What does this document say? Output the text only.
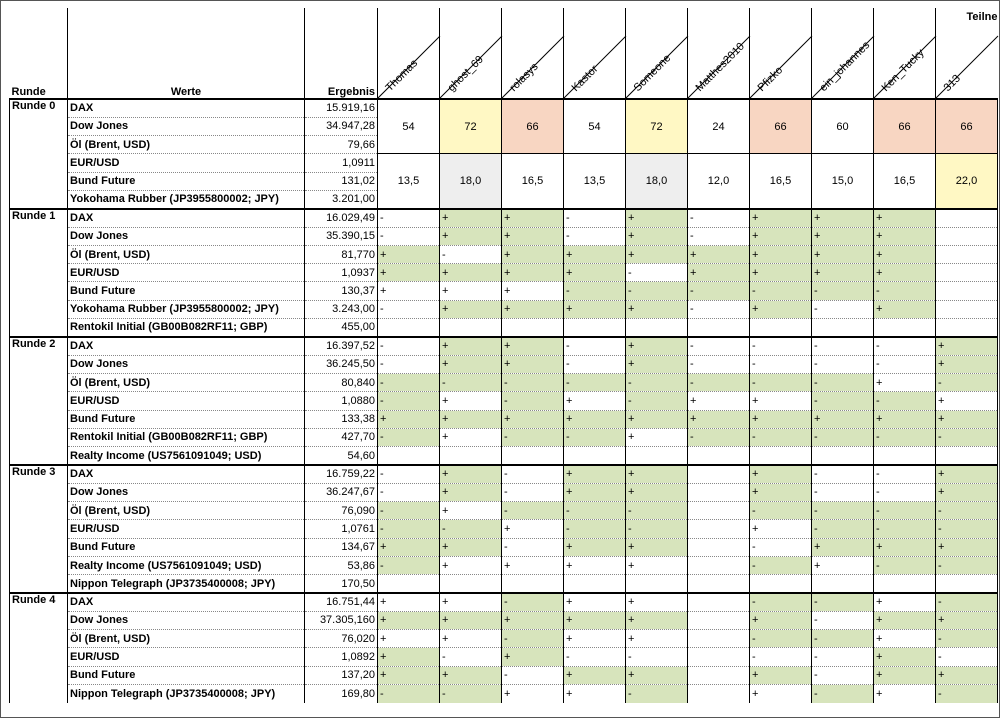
Runde	Werte	Ergebnis	Thomas	ghost_69	rolasys	Kastor	Someone	Matthes2010	Pfizko	ein_johannes	Ken_Tucky	313
Teilne

Runde 0	DAX	15.919,16	54	72	66	54	72	24	66	60	66	66
	Dow Jones	34.947,28										
	Öl (Brent, USD)	79,66										
	EUR/USD	1,0911	13,5	18,0	16,5	13,5	18,0	12,0	16,5	15,0	16,5	22,0
	Bund Future	131,02										
	Yokohama Rubber (JP3955800002; JPY)	3.201,00										
Runde 1	DAX	16.029,49	-	+	+	-	+	-	+	+	+	
	Dow Jones	35.390,15	-	+	+	-	+	-	+	+	+	
	Öl (Brent, USD)	81,770	+	-	+	+	+	+	+	+	+	
	EUR/USD	1,0937	+	+	+	+	-	+	+	+	+	
	Bund Future	130,37	+	+	+	-	-	-	-	-	-	
	Yokohama Rubber (JP3955800002; JPY)	3.243,00	-	+	+	+	+	-	+	-	+	
	Rentokil Initial (GB00B082RF11; GBP)	455,00										
Runde 2	DAX	16.397,52	-	+	+	-	+	-	-	-	-	+
	Dow Jones	36.245,50	-	+	+	-	+	-	-	-	-	+
	Öl (Brent, USD)	80,840	-	-	-	-	-	-	-	-	+	-
	EUR/USD	1,0880	-	+	-	+	-	+	+	-	-	+
	Bund Future	133,38	+	+	+	+	+	+	+	+	+	+
	Rentokil Initial (GB00B082RF11; GBP)	427,70	-	+	-	-	+	-	-	-	-	-
	Realty Income (US7561091049; USD)	54,60										
Runde 3	DAX	16.759,22	-	+	-	+	+		+	-	-	+
	Dow Jones	36.247,67	-	+	-	+	+		+	-	-	+
	Öl (Brent, USD)	76,090	-	+	-	-	-		-	-	-	-
	EUR/USD	1,0761	-	-	+	-	-		+	-	-	-
	Bund Future	134,67	+	+	-	+	+		-	+	+	+
	Realty Income (US7561091049; USD)	53,86	-	+	+	+	+		-	+	-	-
	Nippon Telegraph (JP3735400008; JPY)	170,50										
Runde 4	DAX	16.751,44	+	+	-	+	+		-	-	+	-
	Dow Jones	37.305,160	+	+	+	+	+		+	-	+	+
	Öl (Brent, USD)	76,020	+	+	-	+	+		-	-	+	-
	EUR/USD	1,0892	+	-	+	-	-		-	-	+	-
	Bund Future	137,20	+	+	-	+	+		+	-	+	+
	Nippon Telegraph (JP3735400008; JPY)	169,80	-	-	+	+	-		+	-	+	-
